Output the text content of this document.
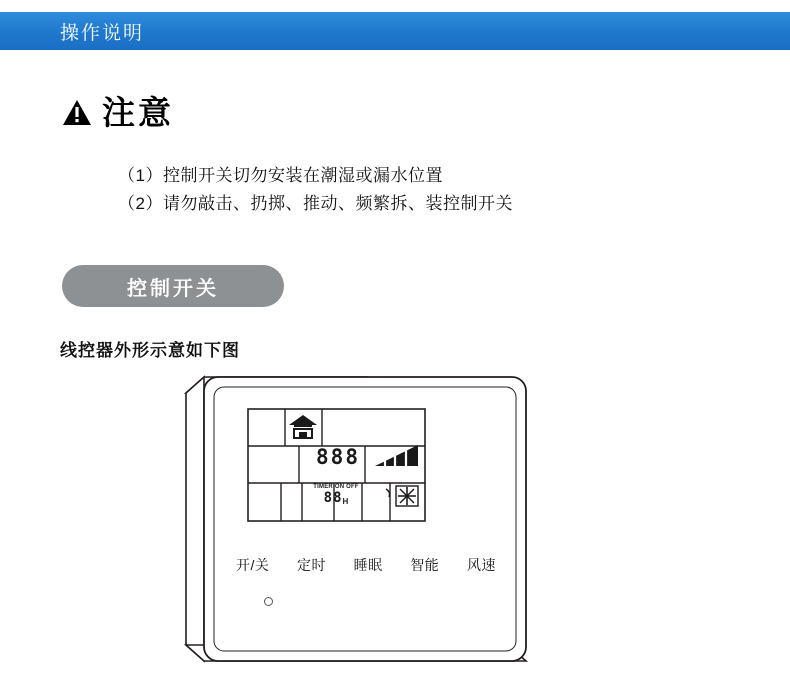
操作说明
注意
（1）控制开关切勿安装在潮湿或漏水位置
（2）请勿敲击、扔掷、推动、频繁拆、装控制开关
控制开关
线控器外形示意如下图
888
TIMER ON OFF
88H
开/关 定时 睡眠 智能 风速
